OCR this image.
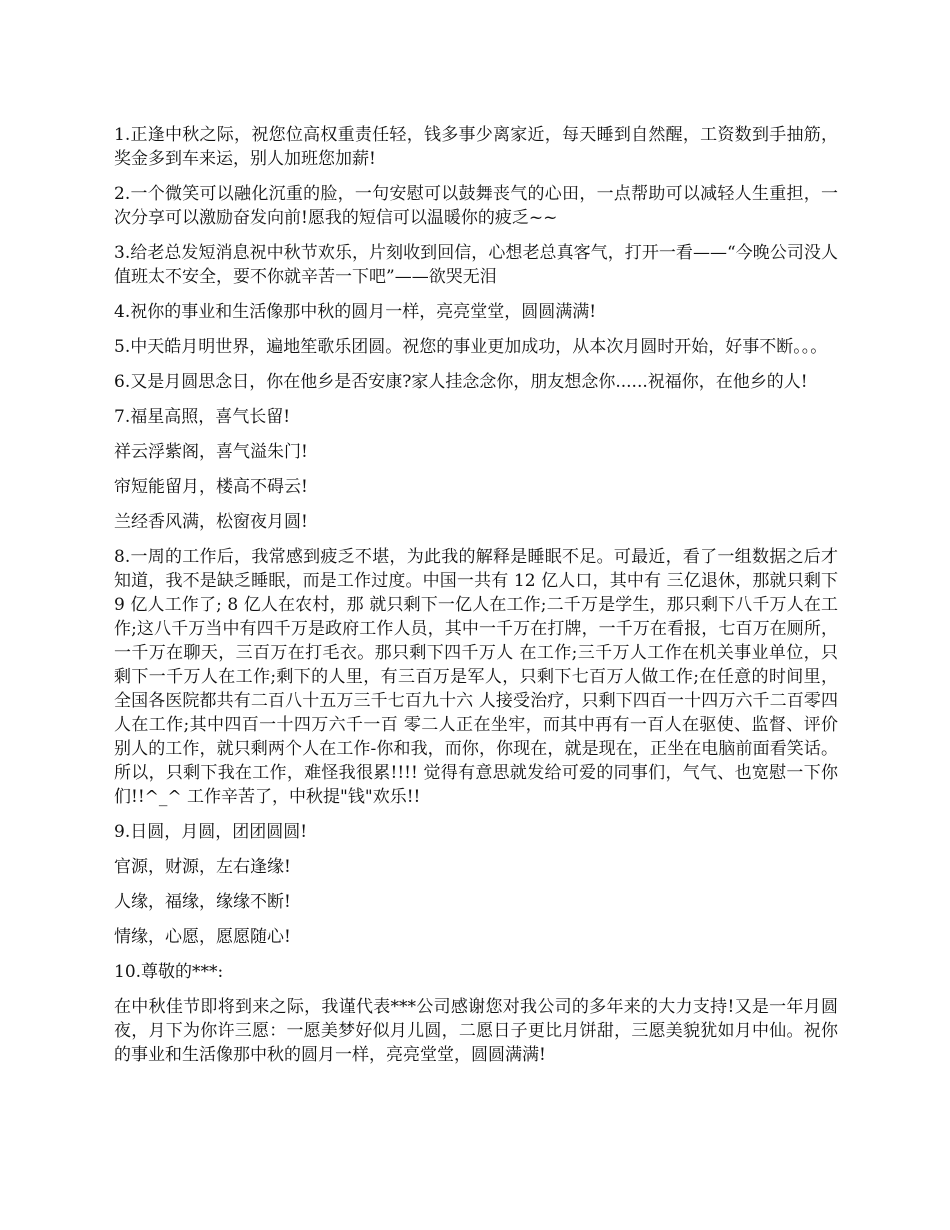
1.正逢中秋之际，祝您位高权重责任轻，钱多事少离家近，每天睡到自然醒，工资数到手抽筋，奖金多到车来运，别人加班您加薪!

2.一个微笑可以融化沉重的脸，一句安慰可以鼓舞丧气的心田，一点帮助可以减轻人生重担，一次分享可以激励奋发向前!愿我的短信可以温暖你的疲乏~~

3.给老总发短消息祝中秋节欢乐，片刻收到回信，心想老总真客气，打开一看——“今晚公司没人值班太不安全，要不你就辛苦一下吧”——欲哭无泪

4.祝你的事业和生活像那中秋的圆月一样，亮亮堂堂，圆圆满满!

5.中天皓月明世界，遍地笙歌乐团圆。祝您的事业更加成功，从本次月圆时开始，好事不断。。。

6.又是月圆思念日，你在他乡是否安康?家人挂念念你，朋友想念你......祝福你，在他乡的人!

7.福星高照，喜气长留!

祥云浮紫阁，喜气溢朱门!

帘短能留月，楼高不碍云!

兰经香风满，松窗夜月圆!

8.一周的工作后，我常感到疲乏不堪，为此我的解释是睡眠不足。可最近，看了一组数据之后才知道，我不是缺乏睡眠，而是工作过度。中国一共有 12 亿人口，其中有 三亿退休，那就只剩下 9 亿人工作了; 8 亿人在农村，那 就只剩下一亿人在工作;二千万是学生，那只剩下八千万人在工作;这八千万当中有四千万是政府工作人员，其中一千万在打牌，一千万在看报，七百万在厕所，一千万在聊天，三百万在打毛衣。那只剩下四千万人 在工作;三千万人工作在机关事业单位，只剩下一千万人在工作;剩下的人里，有三百万是军人，只剩下七百万人做工作;在任意的时间里，全国各医院都共有二百八十五万三千七百九十六 人接受治疗，只剩下四百一十四万六千二百零四人在工作;其中四百一十四万六千一百 零二人正在坐牢，而其中再有一百人在驱使、监督、评价别人的工作，就只剩两个人在工作-你和我，而你，你现在，就是现在，正坐在电脑前面看笑话。所以，只剩下我在工作，难怪我很累!!!! 觉得有意思就发给可爱的同事们，气气、也宽慰一下你们!!^_^ 工作辛苦了，中秋提"钱"欢乐!!

9.日圆，月圆，团团圆圆!

官源，财源，左右逢缘!

人缘，福缘，缘缘不断!

情缘，心愿，愿愿随心!

10.尊敬的***:

在中秋佳节即将到来之际，我谨代表***公司感谢您对我公司的多年来的大力支持!又是一年月圆夜，月下为你许三愿：一愿美梦好似月儿圆，二愿日子更比月饼甜，三愿美貌犹如月中仙。祝你的事业和生活像那中秋的圆月一样，亮亮堂堂，圆圆满满!
